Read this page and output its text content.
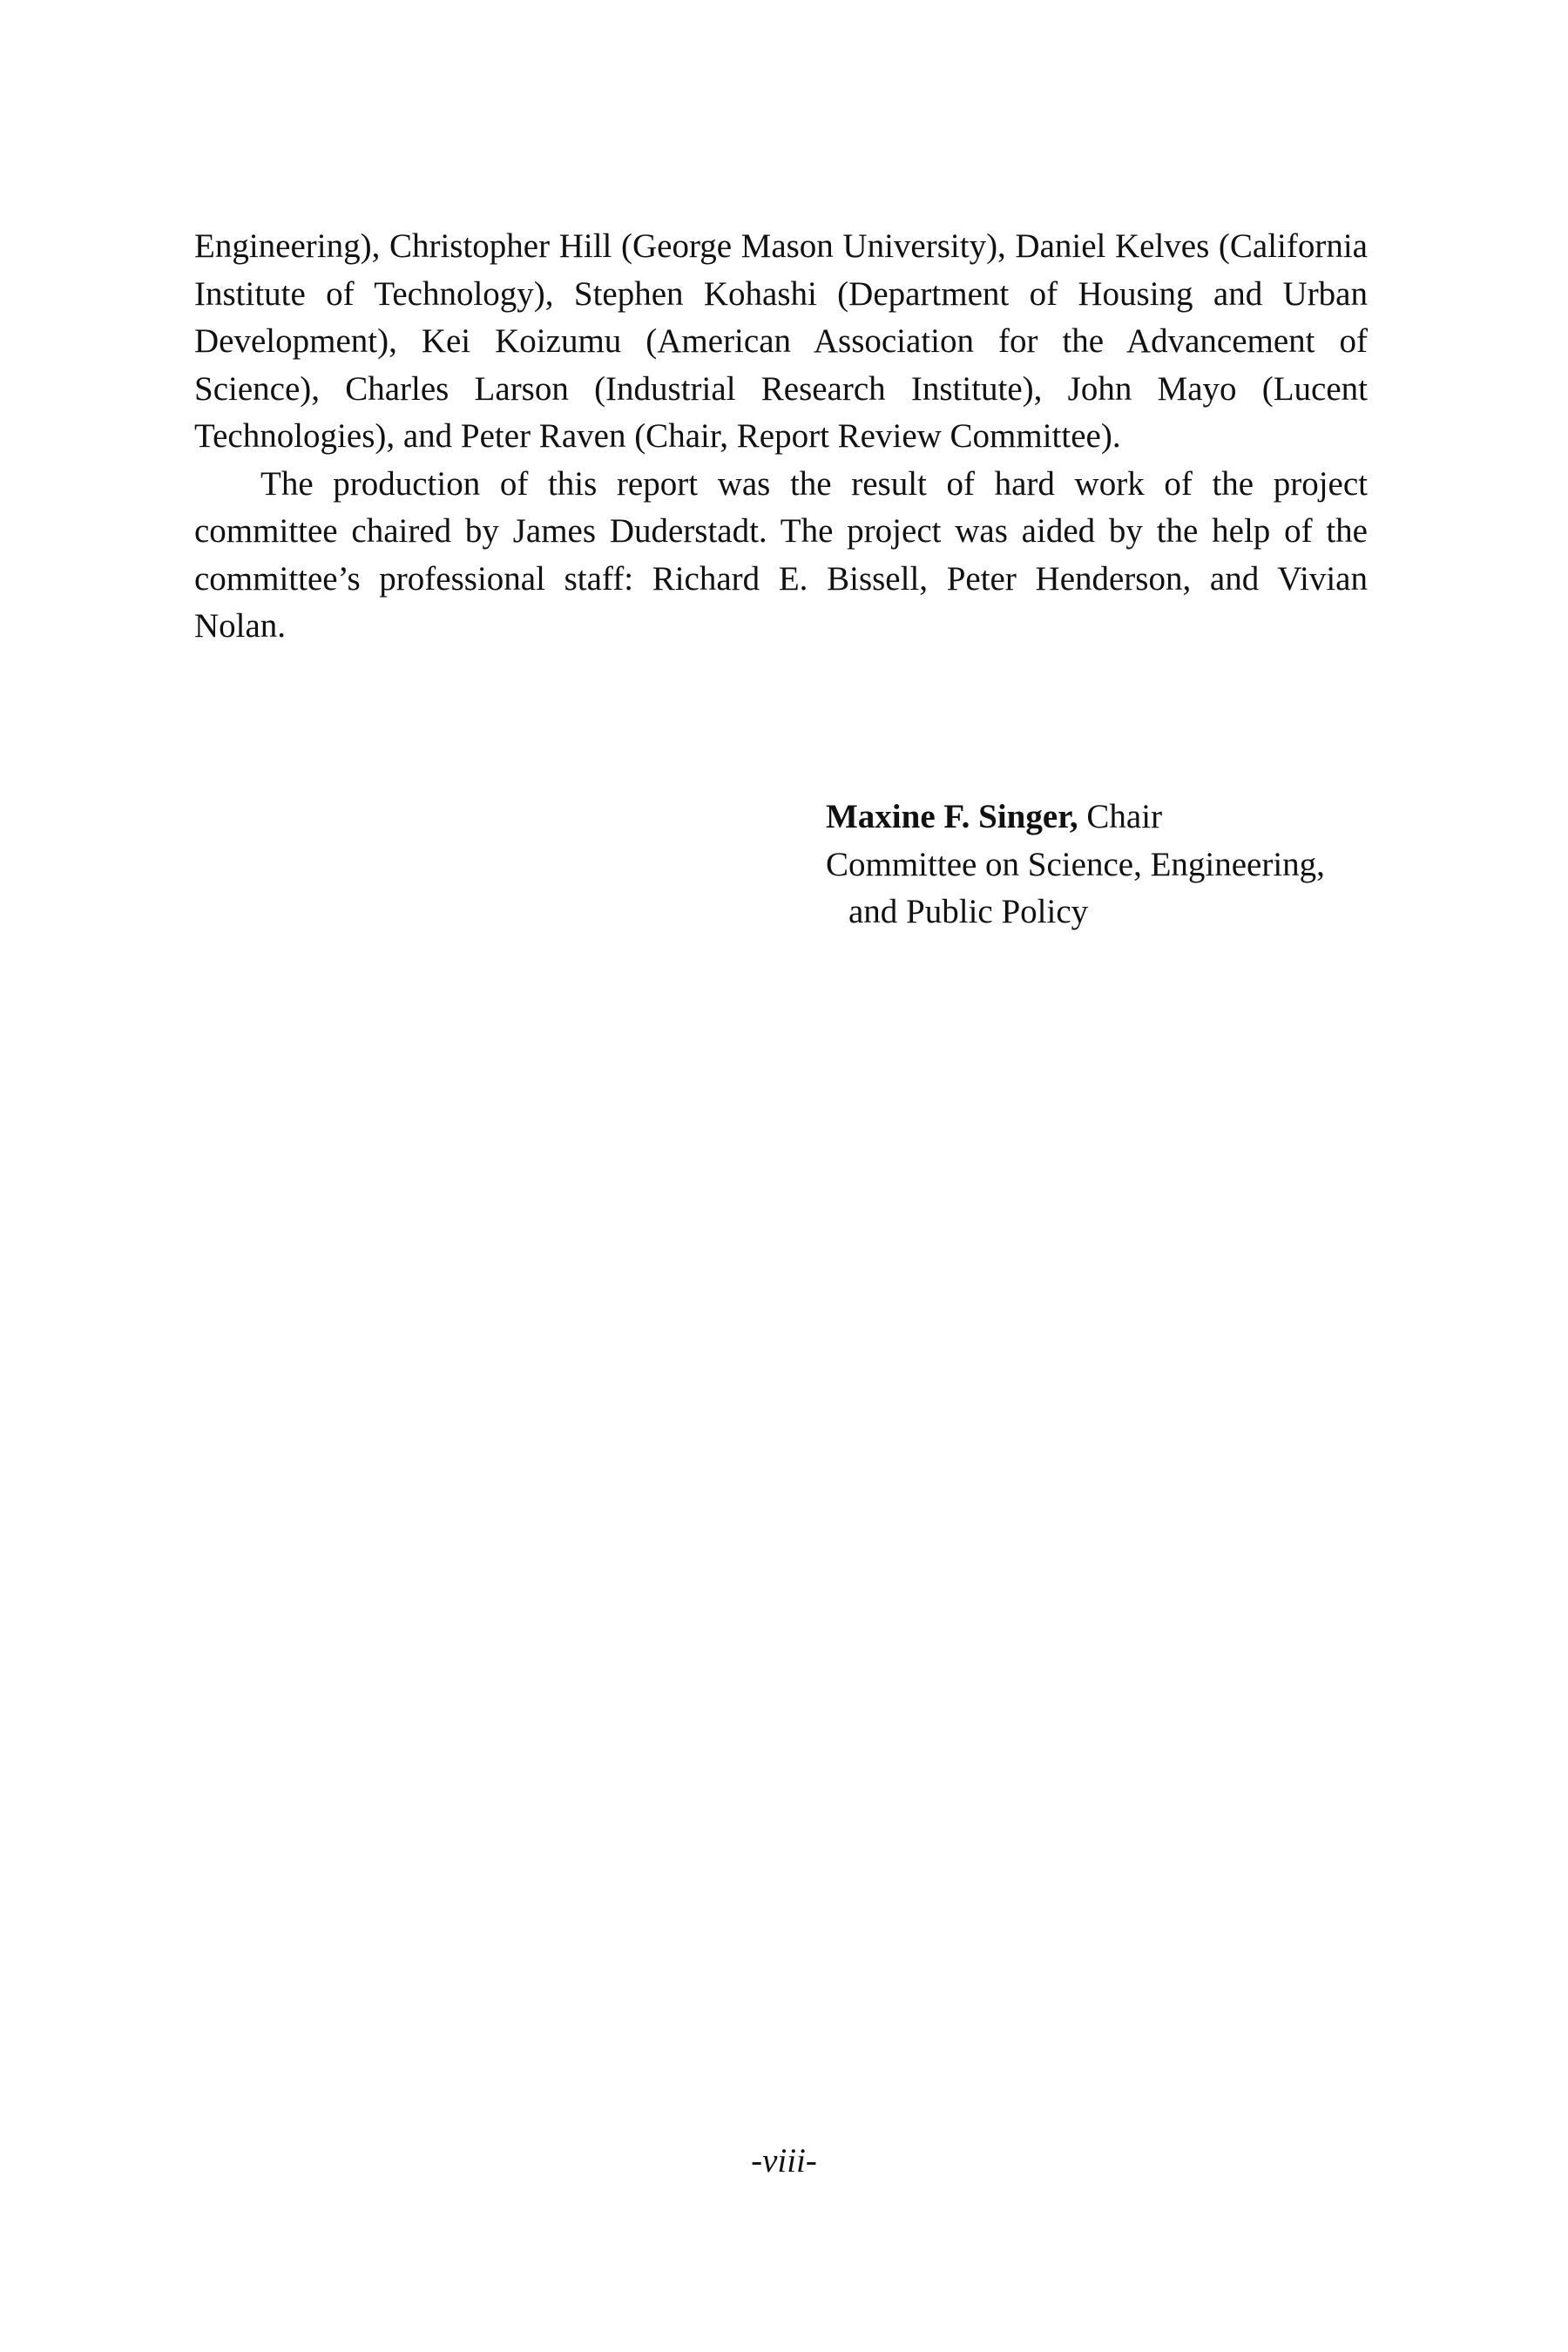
Engineering), Christopher Hill (George Mason University), Daniel Kelves (California Institute of Technology), Stephen Kohashi (Department of Housing and Urban Development), Kei Koizumu (American Association for the Advancement of Science), Charles Larson (Industrial Research Institute), John Mayo (Lucent Technologies), and Peter Raven (Chair, Report Review Committee).

The production of this report was the result of hard work of the project committee chaired by James Duderstadt. The project was aided by the help of the committee’s professional staff: Richard E. Bissell, Peter Henderson, and Vivian Nolan.

Maxine F. Singer, Chair
Committee on Science, Engineering,
and Public Policy
-viii-
